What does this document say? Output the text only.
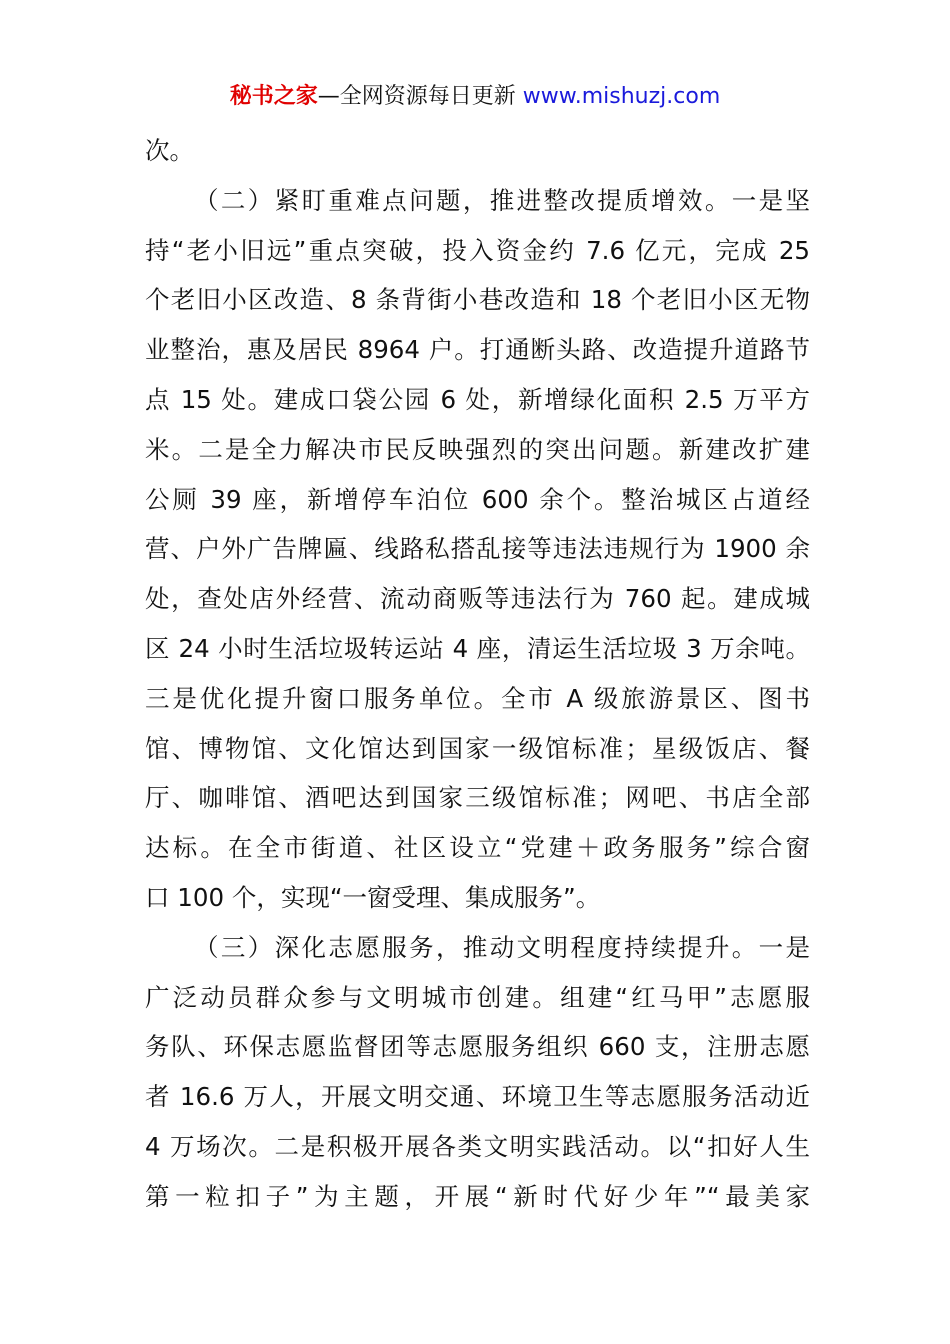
秘书之家—全网资源每日更新 www.mishuzj.com
次。
（二）紧盯重难点问题，推进整改提质增效。一是坚
持“老小旧远”重点突破，投入资金约 7.6 亿元，完成 25
个老旧小区改造、8 条背街小巷改造和 18 个老旧小区无物
业整治，惠及居民 8964 户。打通断头路、改造提升道路节
点 15 处。建成口袋公园 6 处，新增绿化面积 2.5 万平方
米。二是全力解决市民反映强烈的突出问题。新建改扩建
公厕 39 座，新增停车泊位 600 余个。整治城区占道经
营、户外广告牌匾、线路私搭乱接等违法违规行为 1900 余
处，查处店外经营、流动商贩等违法行为 760 起。建成城
区 24 小时生活垃圾转运站 4 座，清运生活垃圾 3 万余吨。
三是优化提升窗口服务单位。全市 A 级旅游景区、图书
馆、博物馆、文化馆达到国家一级馆标准；星级饭店、餐
厅、咖啡馆、酒吧达到国家三级馆标准；网吧、书店全部
达标。在全市街道、社区设立“党建＋政务服务”综合窗
口 100 个，实现“一窗受理、集成服务”。
（三）深化志愿服务，推动文明程度持续提升。一是
广泛动员群众参与文明城市创建。组建“红马甲”志愿服
务队、环保志愿监督团等志愿服务组织 660 支，注册志愿
者 16.6 万人，开展文明交通、环境卫生等志愿服务活动近
4 万场次。二是积极开展各类文明实践活动。以“扣好人生
第一粒扣子”为主题，开展“新时代好少年”“最美家
